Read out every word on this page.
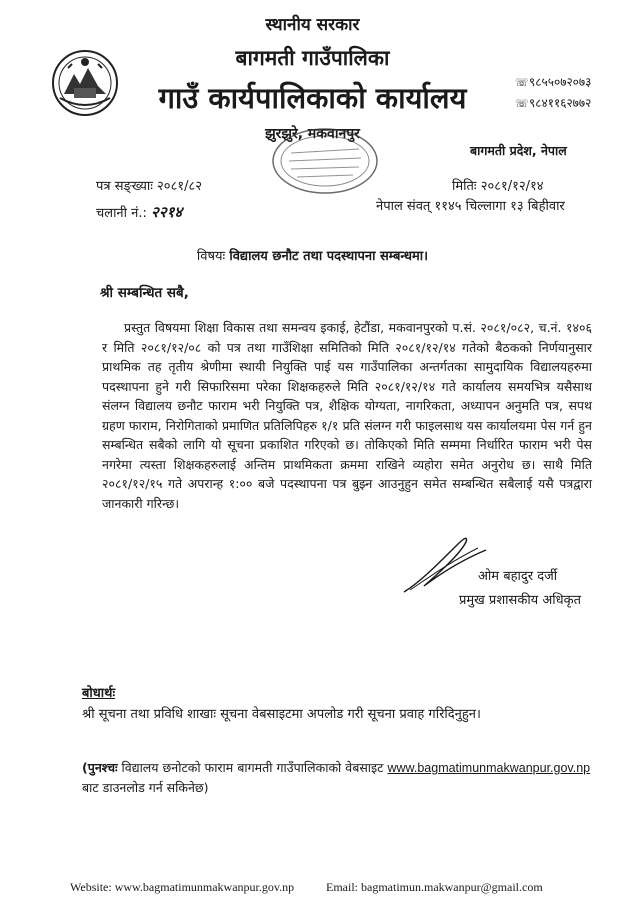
स्थानीय सरकार
बागमती गाउँपालिका
गाउँ कार्यपालिकाको कार्यालय
झुरझुरे, मकवानपुर
☏९८५५०७२०७३
☏९८४११६२७७२
बागमती प्रदेश, नेपाल
पत्र सङ्ख्याः २०८१/८२
चलानी नं.: २२१४
मितिः २०८१/१२/१४
नेपाल संवत् ११४५ चिल्लागा १३ बिहीवार
विषयः विद्यालय छनौट तथा पदस्थापना सम्बन्धमा।
श्री सम्बन्धित सबै,
प्रस्तुत विषयमा शिक्षा विकास तथा समन्वय इकाई, हेटौंडा, मकवानपुरको प.सं. २०८१/०८२, च.नं. १४०६ र मिति २०८१/१२/०८ को पत्र तथा गाउँशिक्षा समितिको मिति २०८१/१२/१४ गतेको बैठकको निर्णयानुसार प्राथमिक तह तृतीय श्रेणीमा स्थायी नियुक्ति पाई यस गाउँपालिका अन्तर्गतका सामुदायिक विद्यालयहरुमा पदस्थापना हुने गरी सिफारिसमा परेका शिक्षकहरुले मिति २०८१/१२/१४ गते कार्यालय समयभित्र यसैसाथ संलग्न विद्यालय छनौट फाराम भरी नियुक्ति पत्र, शैक्षिक योग्यता, नागरिकता, अध्यापन अनुमति पत्र, सपथ ग्रहण फाराम, निरोगिताको प्रमाणित प्रतिलिपिहरु १/१ प्रति संलग्न गरी फाइलसाथ यस कार्यालयमा पेस गर्न हुन सम्बन्धित सबैको लागि यो सूचना प्रकाशित गरिएको छ। तोकिएको मिति सम्ममा निर्धारित फाराम भरी पेस नगरेमा त्यस्ता शिक्षकहरुलाई अन्तिम प्राथमिकता क्रममा राखिने व्यहोरा समेत अनुरोध छ। साथै मिति २०८१/१२/१५ गते अपरान्ह १:०० बजे पदस्थापना पत्र बुझ्न आउनुहुन समेत सम्बन्धित सबैलाई यसै पत्रद्वारा जानकारी गरिन्छ।
ओम बहादुर दर्जी
प्रमुख प्रशासकीय अधिकृत
बोधार्थः
श्री सूचना तथा प्रविधि शाखाः सूचना वेबसाइटमा अपलोड गरी सूचना प्रवाह गरिदिनुहुन।
(पुनश्चः विद्यालय छनोटको फाराम बागमती गाउँपालिकाको वेबसाइट www.bagmatimunmakwanpur.gov.np बाट डाउनलोड गर्न सकिनेछ)
Website: www.bagmatimunmakwanpur.gov.np	Email: bagmatimun.makwanpur@gmail.com
